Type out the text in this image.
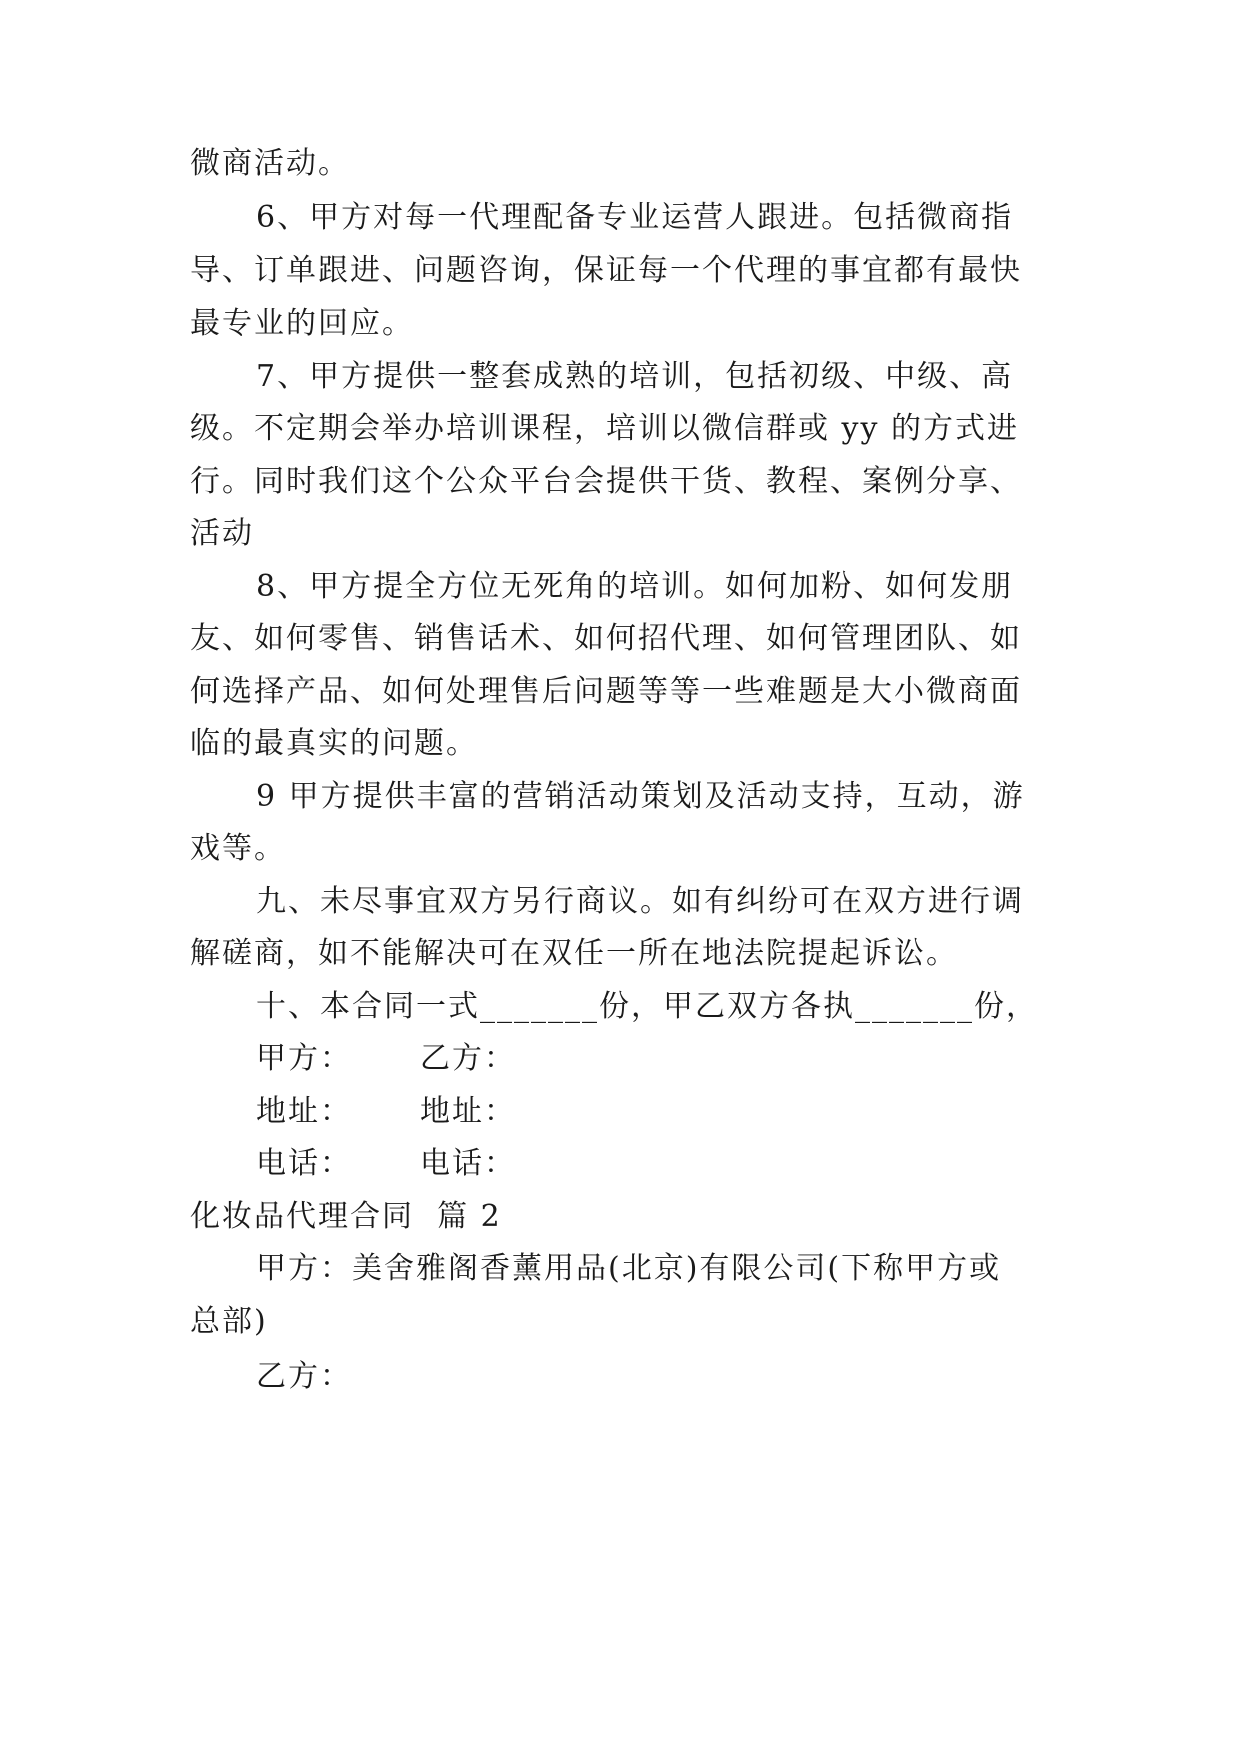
微商活动。
6、甲方对每一代理配备专业运营人跟进。包括微商指
导、订单跟进、问题咨询，保证每一个代理的事宜都有最快
最专业的回应。
7、甲方提供一整套成熟的培训，包括初级、中级、高
级。不定期会举办培训课程，培训以微信群或 yy 的方式进
行。同时我们这个公众平台会提供干货、教程、案例分享、
活动
8、甲方提全方位无死角的培训。如何加粉、如何发朋
友、如何零售、销售话术、如何招代理、如何管理团队、如
何选择产品、如何处理售后问题等等一些难题是大小微商面
临的最真实的问题。
9 甲方提供丰富的营销活动策划及活动支持，互动，游
戏等。
九、未尽事宜双方另行商议。如有纠纷可在双方进行调
解磋商，如不能解决可在双任一所在地法院提起诉讼。
十、本合同一式_______份，甲乙双方各执_______份，
甲方： 乙方：
地址： 地址：
电话： 电话：
化妆品代理合同  篇 2
甲方：美舍雅阁香薰用品(北京)有限公司(下称甲方或
总部)
乙方：
